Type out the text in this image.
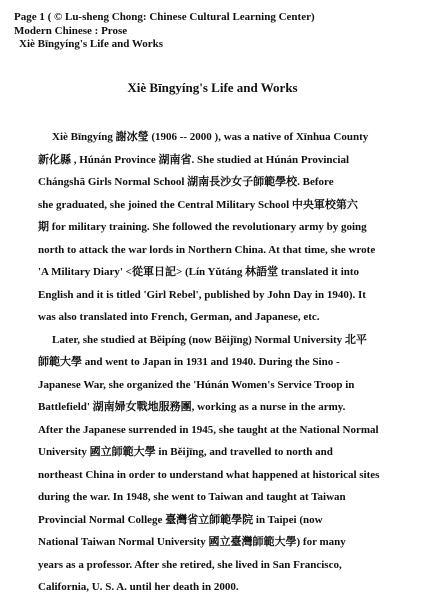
Page 1 ( © Lu-sheng Chong: Chinese Cultural Learning Center)
Modern Chinese : Prose
Xiè Bīngyíng's Life and Works
Xiè Bīngyíng's Life and Works

Xiè Bīngyíng 謝冰瑩 (1906 -- 2000 ), was a native of Xīnhua County
新化縣 , Húnán Province 湖南省. She studied at Húnán Provincial
Chángshā Girls Normal School 湖南長沙女子師範學校. Before
she graduated, she joined the Central Military School 中央軍校第六
期 for military training. She followed the revolutionary army by going
north to attack the war lords in Northern China. At that time, she wrote
'A Military Diary' <從軍日記> (Lín Yǔtáng 林語堂 translated it into
English and it is titled 'Girl Rebel', published by John Day in 1940). It
was also translated into French, German, and Japanese, etc.

Later, she studied at Běipíng (now Běijīng) Normal University 北平
師範大學 and went to Japan in 1931 and 1940. During the Sino -
Japanese War, she organized the 'Húnán Women's Service Troop in
Battlefield' 湖南婦女戰地服務團, working as a nurse in the army.
After the Japanese surrended in 1945, she taught at the National Normal
University 國立師範大學 in Běijīng, and travelled to north and
northeast China in order to understand what happened at historical sites
during the war. In 1948, she went to Taiwan and taught at Taiwan
Provincial Normal College 臺灣省立師範學院 in Taipei (now
National Taiwan Normal University 國立臺灣師範大學) for many
years as a professor. After she retired, she lived in San Francisco,
California, U. S. A. until her death in 2000.
